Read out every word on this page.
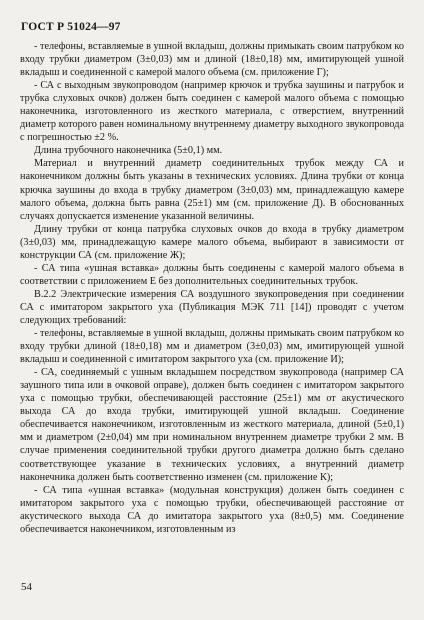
ГОСТ Р 51024—97

- телефоны, вставляемые в ушной вкладыш, должны примыкать своим патрубком ко входу трубки диаметром (3±0,03) мм и длиной (18±0,18) мм, имитирующей ушной вкладыш и соединенной с камерой малого объема (см. приложение Г);

- СА с выходным звукопроводом (например крючок и трубка заушины и патрубок и трубка слуховых очков) должен быть соединен с камерой малого объема с помощью наконечника, изготовленного из жесткого материала, с отверстием, внутренний диаметр которого равен номинальному внутреннему диаметру выходного звукопровода с погрешностью ±2 %.

Длина трубочного наконечника (5±0,1) мм.

Материал и внутренний диаметр соединительных трубок между СА и наконечником должны быть указаны в технических условиях. Длина трубки от конца крючка заушины до входа в трубку диаметром (3±0,03) мм, принадлежащую камере малого объема, должна быть равна (25±1) мм (см. приложение Д). В обоснованных случаях допускается изменение указанной величины.

Длину трубки от конца патрубка слуховых очков до входа в трубку диаметром (3±0,03) мм, принадлежащую камере малого объема, выбирают в зависимости от конструкции СА (см. приложение Ж);

- СА типа «ушная вставка» должны быть соединены с камерой малого объема в соответствии с приложением Е без дополнительных соединительных трубок.

В.2.2 Электрические измерения СА воздушного звукопроведения при соединении СА с имитатором закрытого уха (Публикация МЭК 711 [14]) проводят с учетом следующих требований:

- телефоны, вставляемые в ушной вкладыш, должны примыкать своим патрубком ко входу трубки длиной (18±0,18) мм и диаметром (3±0,03) мм, имитирующей ушной вкладыш и соединенной с имитатором закрытого уха (см. приложение И);

- СА, соединяемый с ушным вкладышем посредством звукопровода (например СА заушного типа или в очковой оправе), должен быть соединен с имитатором закрытого уха с помощью трубки, обеспечивающей расстояние (25±1) мм от акустического выхода СА до входа трубки, имитирующей ушной вкладыш. Соединение обеспечивается наконечником, изготовленным из жесткого материала, длиной (5±0,1) мм и диаметром (2±0,04) мм при номинальном внутреннем диаметре трубки 2 мм. В случае применения соединительной трубки другого диаметра должно быть сделано соответствующее указание в технических условиях, а внутренний диаметр наконечника должен быть соответственно изменен (см. приложение К);

- СА типа «ушная вставка» (модульная конструкция) должен быть соединен с имитатором закрытого уха с помощью трубки, обеспечивающей расстояние от акустического выхода СА до имитатора закрытого уха (8±0,5) мм. Соединение обеспечивается наконечником, изготовленным из

54
